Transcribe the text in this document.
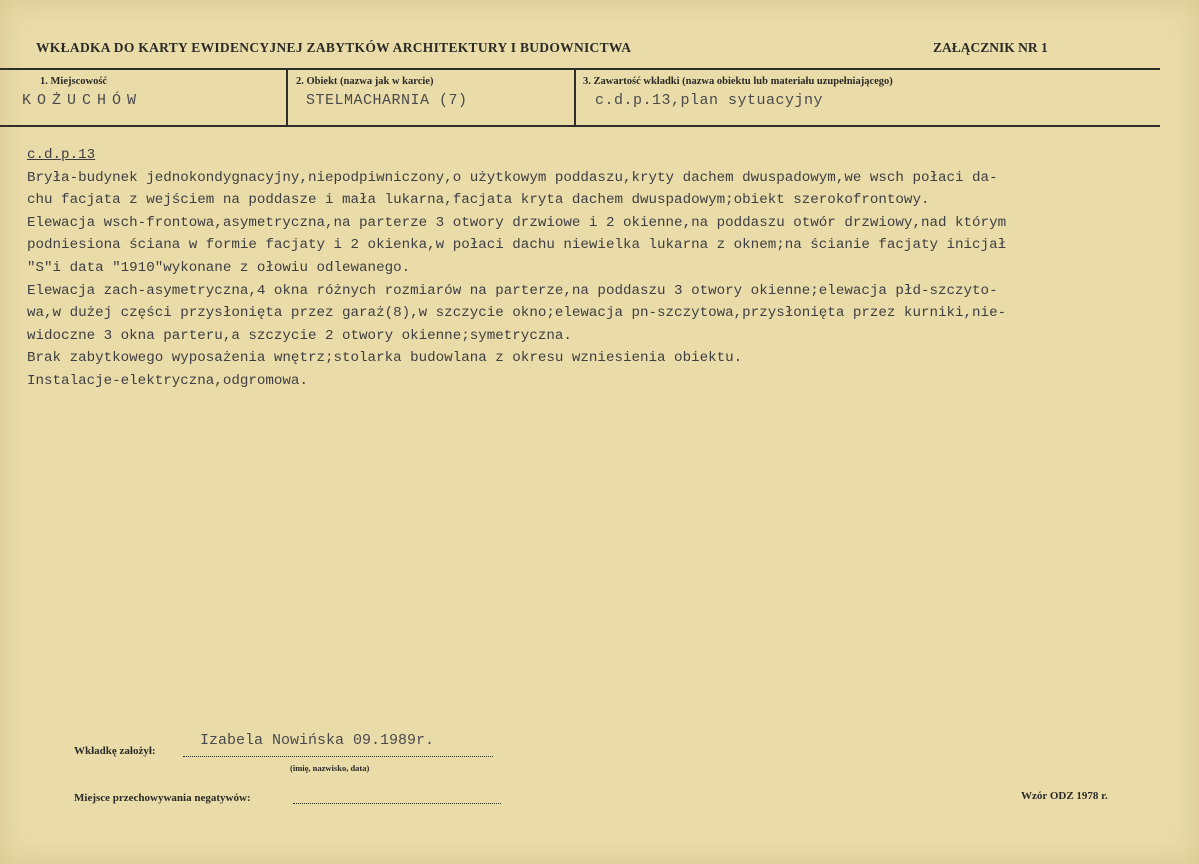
WKŁADKA DO KARTY EWIDENCYJNEJ ZABYTKÓW ARCHITEKTURY I BUDOWNICTWA	ZAŁĄCZNIK NR 1
1. Miejscowość
KOŻUCHÓW
2. Obiekt (nazwa jak w karcie)
STELMACHARNIA (7)
3. Zawartość wkładki (nazwa obiektu lub materiału uzupełniającego)
c.d.p.13,plan sytuacyjny
c.d.p.13
Bryła-budynek jednokondygnacyjny,niepodpiwniczony,o użytkowym poddaszu,kryty dachem dwuspadowym,we wsch połaci da-
chu facjata z wejściem na poddasze i mała lukarna,facjata kryta dachem dwuspadowym;obiekt szerokofrontowy.
Elewacja wsch-frontowa,asymetryczna,na parterze 3 otwory drzwiowe i 2 okienne,na poddaszu otwór drzwiowy,nad którym
podniesiona ściana w formie facjaty i 2 okienka,w połaci dachu niewielka lukarna z oknem;na ścianie facjaty inicjał
"S"i data "1910"wykonane z ołowiu odlewanego.
Elewacja zach-asymetryczna,4 okna różnych rozmiarów na parterze,na poddaszu 3 otwory okienne;elewacja płd-szczyto-
wa,w dużej części przysłonięta przez garaż(8),w szczycie okno;elewacja pn-szczytowa,przysłonięta przez kurniki,nie-
widoczne 3 okna parteru,a szczycie 2 otwory okienne;symetryczna.
Brak zabytkowego wyposażenia wnętrz;stolarka budowlana z okresu wzniesienia obiektu.
Instalacje-elektryczna,odgromowa.
Wkładkę założył:
Izabela Nowińska 09.1989r.
(imię, nazwisko, data)
Miejsce przechowywania negatywów:	Wzór ODZ 1978 r.
